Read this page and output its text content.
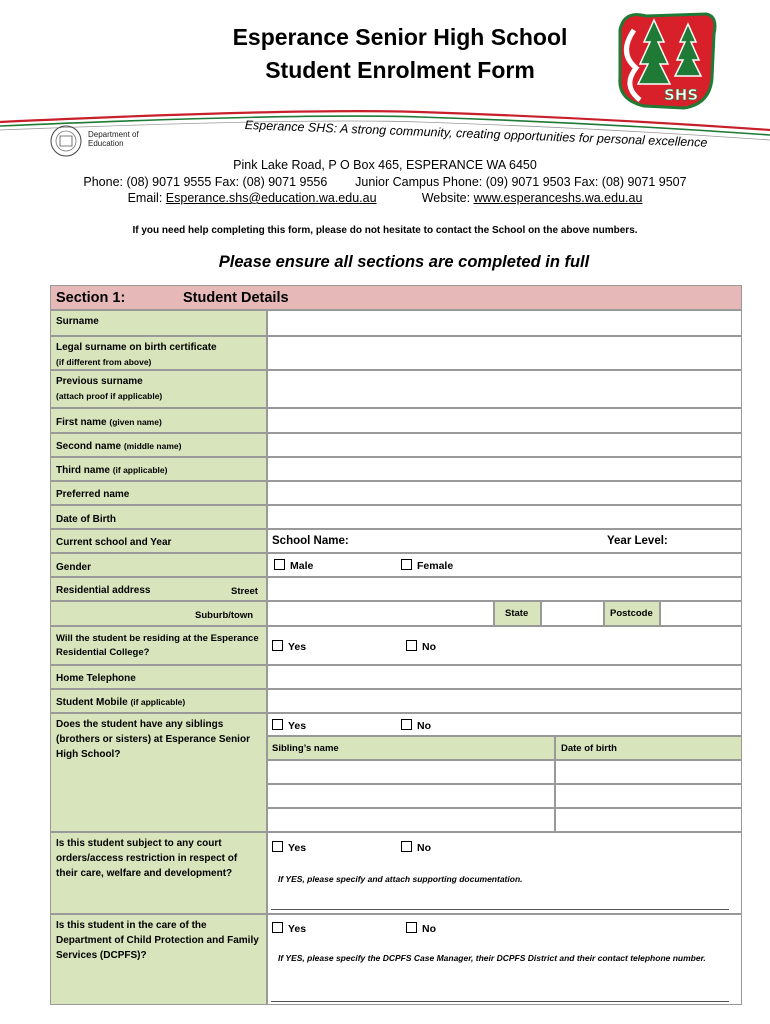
Esperance Senior High School
Student Enrolment Form
SHS
Department of
Education	Esperance SHS: A strong community, creating opportunities for personal excellence
Pink Lake Road, P O Box 465, ESPERANCE WA 6450
Phone: (08) 9071 9555 Fax: (08) 9071 9556 Junior Campus Phone: (09) 9071 9503 Fax: (08) 9071 9507
Email: Esperance.shs@education.wa.edu.au	Website: www.esperanceshs.wa.edu.au
If you need help completing this form, please do not hesitate to contact the School on the above numbers.
Please ensure all sections are completed in full
Section 1:	Student Details
Surname
Legal surname on birth certificate
(if different from above)
Previous surname
(attach proof if applicable)
First name (given name)
Second name (middle name)
Third name (if applicable)
Preferred name
Date of Birth
Current school and Year	School Name:	Year Level:
Gender	Male	Female
Residential address	Street
Suburb/town	State	Postcode
Will the student be residing at the Esperance Residential College?	Yes	No
Home Telephone
Student Mobile (if applicable)
Does the student have any siblings (brothers or sisters) at Esperance Senior High School?
Yes	No
Sibling’s name	Date of birth
Is this student subject to any court orders/access restriction in respect of their care, welfare and development?
Yes	No
If YES, please specify and attach supporting documentation.
Is this student in the care of the Department of Child Protection and Family Services (DCPFS)?
Yes	No
If YES, please specify the DCPFS Case Manager, their DCPFS District and their contact telephone number.
